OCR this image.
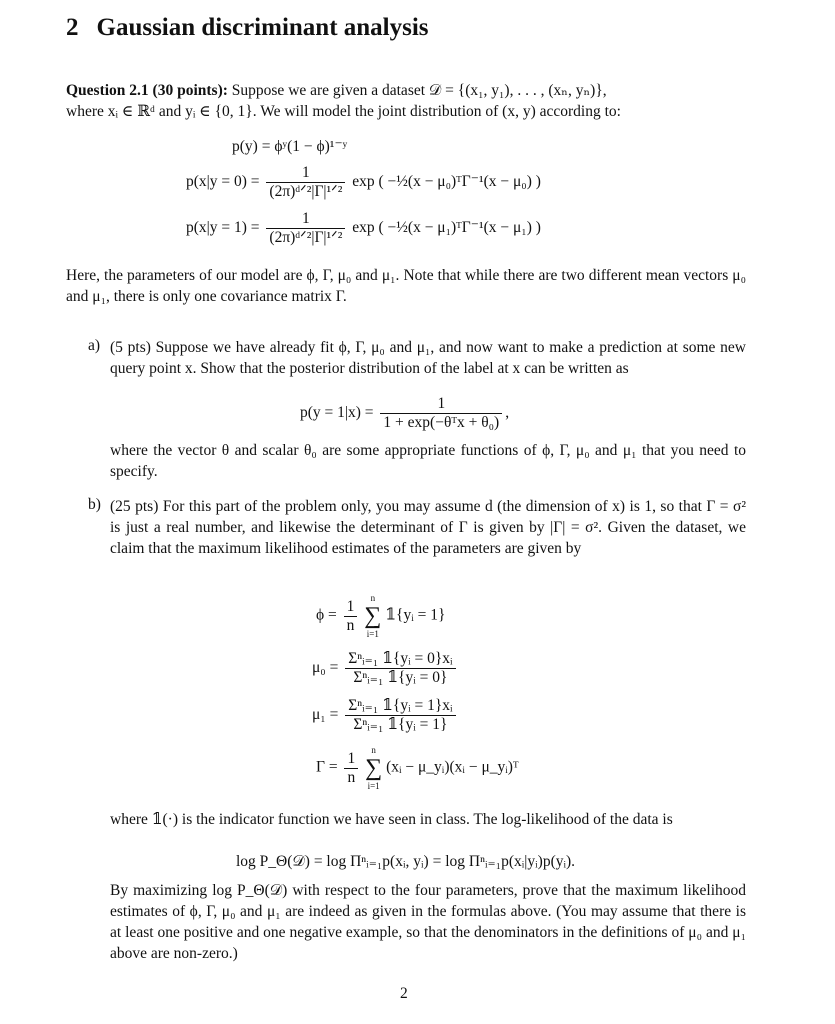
2 Gaussian discriminant analysis
Question 2.1 (30 points): Suppose we are given a dataset 𝒟 = {(x₁, y₁), . . . , (xₙ, yₙ)},
where xᵢ ∈ ℝᵈ and yᵢ ∈ {0, 1}. We will model the joint distribution of (x, y) according to:
p(y) = ϕʸ(1 − ϕ)¹⁻ʸ
$p(x|y = 0) = \frac{1}{\text{(2π)ᵈᐟ²|Γ|¹ᐟ²}}$ exp ( −½(x − μ₀)ᵀΓ⁻¹(x − μ₀) )
$p(x|y = 1) = \frac{1}{\text{(2π)ᵈᐟ²|Γ|¹ᐟ²}}$ exp ( −½(x − μ₁)ᵀΓ⁻¹(x − μ₁) )
Here, the parameters of our model are ϕ, Γ, μ₀ and μ₁. Note that while there are two different mean vectors μ₀ and μ₁, there is only one covariance matrix Γ.
a) (5 pts) Suppose we have already fit ϕ, Γ, μ₀ and μ₁, and now want to make a prediction at some new query point x. Show that the posterior distribution of the label at x can be written as
$p(y = 1|x) = \frac{1}{\text{1 + exp(−θᵀx + θ₀)}}$ ,
where the vector θ and scalar θ₀ are some appropriate functions of ϕ, Γ, μ₀ and μ₁ that you need to specify.
b) (25 pts) For this part of the problem only, you may assume d (the dimension of x) is 1, so that Γ = σ² is just a real number, and likewise the determinant of Γ is given by |Γ| = σ². Given the dataset, we claim that the maximum likelihood estimates of the parameters are given by
$\phi = \frac{1}{n}$
	n
∑
i=1
𝟙{yᵢ = 1}
$\mu_0 = \frac{\text{Σⁿᵢ₌₁ 𝟙\{yᵢ = 0\}xᵢ}}{\text{Σⁿᵢ₌₁ 𝟙\{yᵢ = 0\}}}$
$\mu_1 = \frac{\text{Σⁿᵢ₌₁ 𝟙\{yᵢ = 1\}xᵢ}}{\text{Σⁿᵢ₌₁ 𝟙\{yᵢ = 1\}}}$
$\Gamma = \frac{1}{n}$
	n
∑
i=1
(xᵢ − μ_yᵢ)(xᵢ − μ_yᵢ)ᵀ
where 𝟙(·) is the indicator function we have seen in class. The log-likelihood of the data is
log P_Θ(𝒟) = log Πⁿᵢ₌₁p(xᵢ, yᵢ) = log Πⁿᵢ₌₁p(xᵢ|yᵢ)p(yᵢ).
By maximizing log P_Θ(𝒟) with respect to the four parameters, prove that the maximum likelihood estimates of ϕ, Γ, μ₀ and μ₁ are indeed as given in the formulas above. (You may assume that there is at least one positive and one negative example, so that the denominators in the definitions of μ₀ and μ₁ above are non-zero.)
2
